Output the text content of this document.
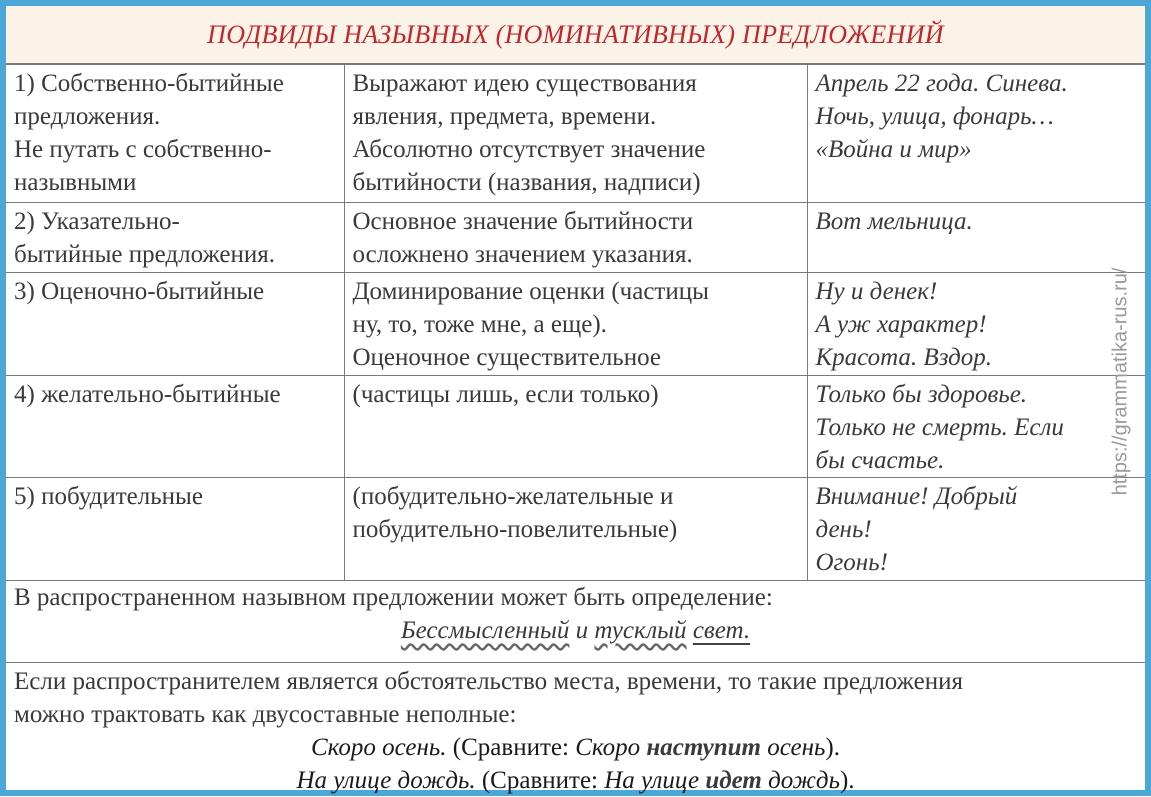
ПОДВИДЫ НАЗЫВНЫХ (НОМИНАТИВНЫХ) ПРЕДЛОЖЕНИЙ
1) Собственно-бытийные
предложения.
Не путать с собственно-
назывными	Выражают идею существования
явления, предмета, времени.
Абсолютно отсутствует значение
бытийности (названия, надписи)	Апрель 22 года. Синева.
Ночь, улица, фонарь…
«Война и мир»

2) Указательно-
бытийные предложения.	Основное значение бытийности
осложнено значением указания.	Вот мельница.

3) Оценочно-бытийные	Доминирование оценки (частицы
ну, то, тоже мне, а еще).
Оценочное существительное	Ну и денек!
А уж характер!
Красота. Вздор.

4) желательно-бытийные	(частицы лишь, если только)	Только бы здоровье.
Только не смерть. Если
бы счастье.

5) побудительные	(побудительно-желательные и
побудительно-повелительные)	Внимание! Добрый
день!
Огонь!
В распространенном назывном предложении может быть определение:
Бессмысленный и тусклый свет.
Если распространителем является обстоятельство места, времени, то такие предложения
можно трактовать как двусоставные неполные:
Скоро осень. (Сравните: Скоро наступит осень).
На улице дождь. (Сравните: На улице идет дождь).
https://grammatika-rus.ru/
